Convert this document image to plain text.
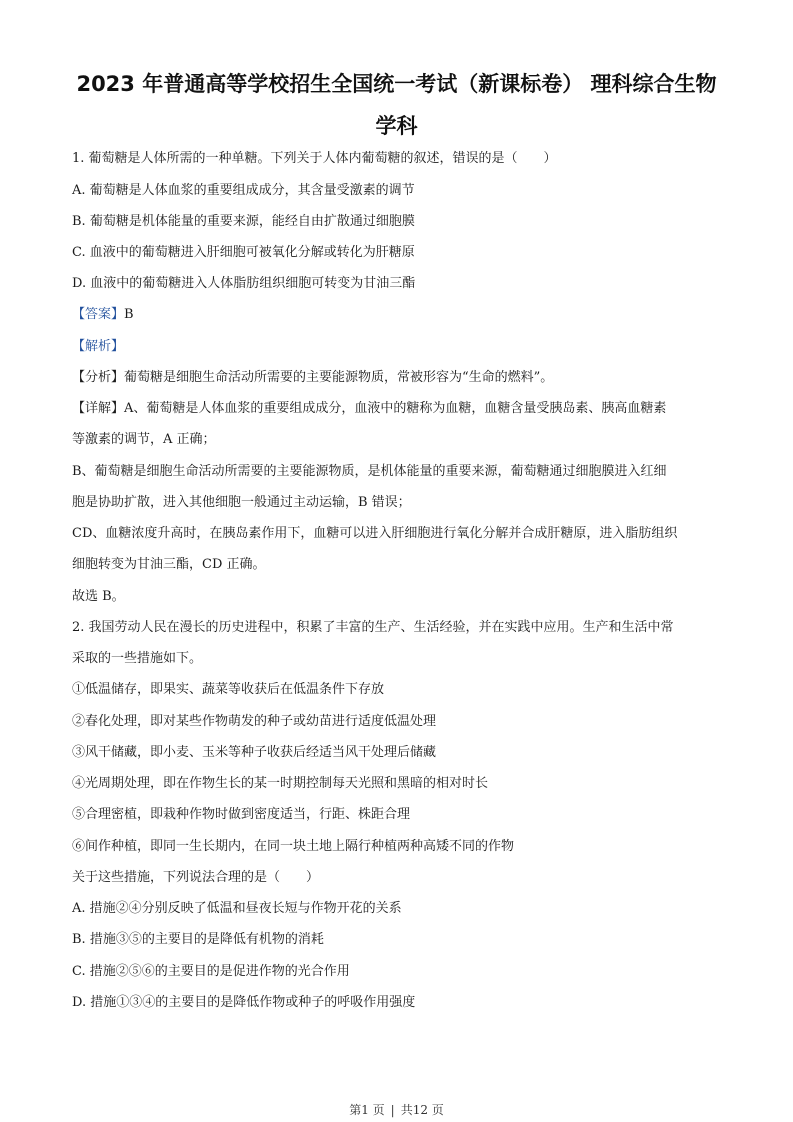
2023 年普通高等学校招生全国统一考试（新课标卷） 理科综合生物
学科
1. 葡萄糖是人体所需的一种单糖。下列关于人体内葡萄糖的叙述，错误的是（　　）
A. 葡萄糖是人体血浆的重要组成成分，其含量受激素的调节
B. 葡萄糖是机体能量的重要来源，能经自由扩散通过细胞膜
C. 血液中的葡萄糖进入肝细胞可被氧化分解或转化为肝糖原
D. 血液中的葡萄糖进入人体脂肪组织细胞可转变为甘油三酯
【答案】B
【解析】
【分析】葡萄糖是细胞生命活动所需要的主要能源物质，常被形容为“生命的燃料”。
【详解】A、葡萄糖是人体血浆的重要组成成分，血液中的糖称为血糖，血糖含量受胰岛素、胰高血糖素
等激素的调节，A 正确；
B、葡萄糖是细胞生命活动所需要的主要能源物质，是机体能量的重要来源，葡萄糖通过细胞膜进入红细
胞是协助扩散，进入其他细胞一般通过主动运输，B 错误；
CD、血糖浓度升高时，在胰岛素作用下，血糖可以进入肝细胞进行氧化分解并合成肝糖原，进入脂肪组织
细胞转变为甘油三酯，CD 正确。
故选 B。
2. 我国劳动人民在漫长的历史进程中，积累了丰富的生产、生活经验，并在实践中应用。生产和生活中常
采取的一些措施如下。
①低温储存，即果实、蔬菜等收获后在低温条件下存放
②春化处理，即对某些作物萌发的种子或幼苗进行适度低温处理
③风干储藏，即小麦、玉米等种子收获后经适当风干处理后储藏
④光周期处理，即在作物生长的某一时期控制每天光照和黑暗的相对时长
⑤合理密植，即栽种作物时做到密度适当，行距、株距合理
⑥间作种植，即同一生长期内，在同一块土地上隔行种植两种高矮不同的作物
关于这些措施，下列说法合理的是（　　）
A. 措施②④分别反映了低温和昼夜长短与作物开花的关系
B. 措施③⑤的主要目的是降低有机物的消耗
C. 措施②⑤⑥的主要目的是促进作物的光合作用
D. 措施①③④的主要目的是降低作物或种子的呼吸作用强度
第1 页 | 共12 页
